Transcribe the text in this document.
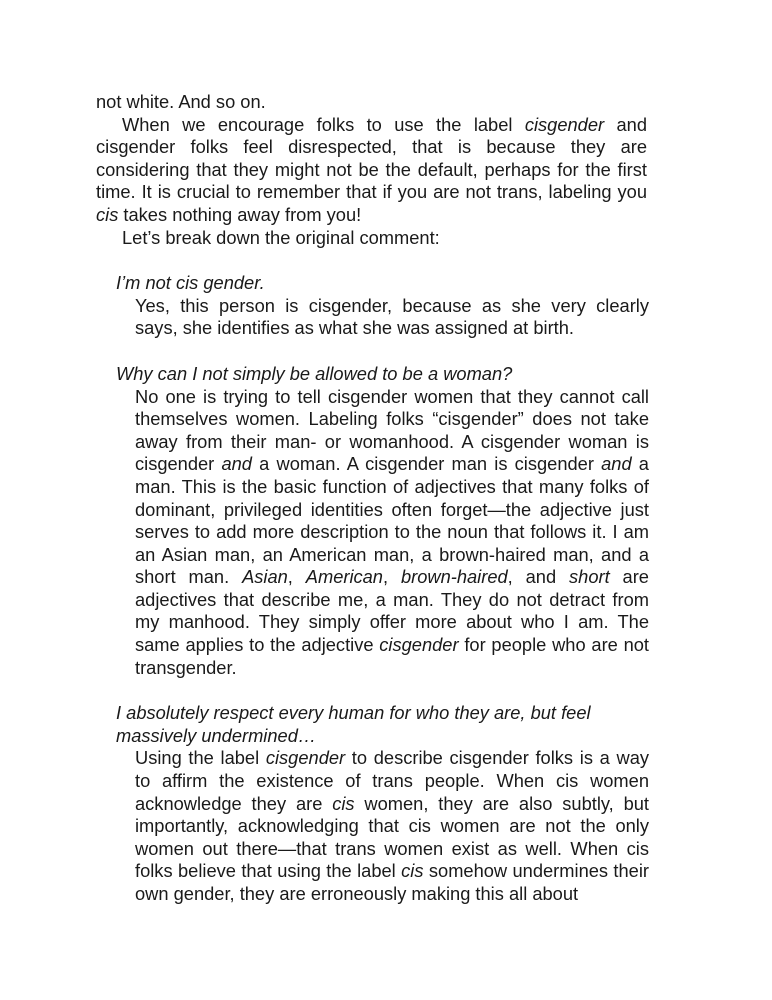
not white. And so on.

When we encourage folks to use the label cisgender and cisgender folks feel disrespected, that is because they are considering that they might not be the default, perhaps for the first time. It is crucial to remember that if you are not trans, labeling you cis takes nothing away from you!

Let’s break down the original comment:

I’m not cis gender.

Yes, this person is cisgender, because as she very clearly says, she identifies as what she was assigned at birth.

Why can I not simply be allowed to be a woman?

No one is trying to tell cisgender women that they cannot call themselves women. Labeling folks “cisgender” does not take away from their man- or womanhood. A cisgender woman is cisgender and a woman. A cisgender man is cisgender and a man. This is the basic function of adjectives that many folks of dominant, privileged identities often forget—the adjective just serves to add more description to the noun that follows it. I am an Asian man, an American man, a brown-haired man, and a short man. Asian, American, brown-haired, and short are adjectives that describe me, a man. They do not detract from my manhood. They simply offer more about who I am. The same applies to the adjective cisgender for people who are not transgender.

I absolutely respect every human for who they are, but feel massively undermined…

Using the label cisgender to describe cisgender folks is a way to affirm the existence of trans people. When cis women acknowledge they are cis women, they are also subtly, but importantly, acknowledging that cis women are not the only women out there—that trans women exist as well. When cis folks believe that using the label cis somehow undermines their own gender, they are erroneously making this all about
